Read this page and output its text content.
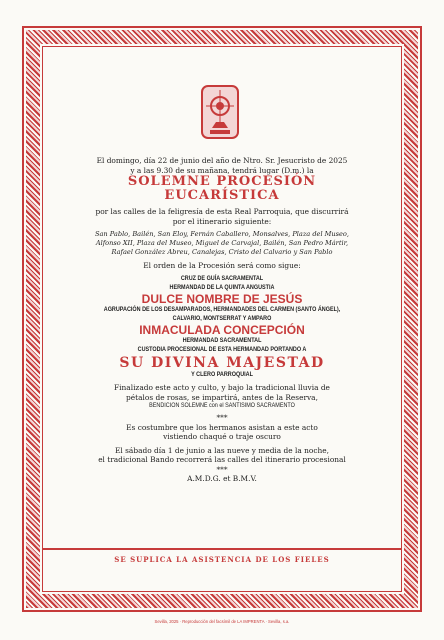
El domingo, día 22 de junio del año de Ntro. Sr. Jesucristo de 2025

y a las 9.30 de su mañana, tendrá lugar (D.m.) la

SOLEMNE PROCESIÓN

EUCARÍSTICA

por las calles de la feligresía de esta Real Parroquia, que discurrirá

por el itinerario siguiente:

San Pablo, Bailén, San Eloy, Fernán Caballero, Monsalves, Plaza del Museo,

Alfonso XII, Plaza del Museo, Miguel de Carvajal, Bailén, San Pedro Mártir,

Rafael González Abreu, Canalejas, Cristo del Calvario y San Pablo

El orden de la Procesión será como sigue:

CRUZ DE GUÍA SACRAMENTAL

HERMANDAD DE LA QUINTA ANGUSTIA

DULCE NOMBRE DE JESÚS

AGRUPACIÓN DE LOS DESAMPARADOS, HERMANDADES DEL CARMEN (SANTO ÁNGEL),

CALVARIO, MONTSERRAT Y AMPARO

INMACULADA CONCEPCIÓN

HERMANDAD SACRAMENTAL

CUSTODIA PROCESIONAL DE ESTA HERMANDAD PORTANDO A

SU DIVINA MAJESTAD

Y CLERO PARROQUIAL

Finalizado este acto y culto, y bajo la tradicional lluvia de

pétalos de rosas, se impartirá, antes de la Reserva,

BENDICIÓN SOLEMNE con el SANTÍSIMO SACRAMENTO

***

Es costumbre que los hermanos asistan a este acto

vistiendo chaqué o traje oscuro

El sábado día 1 de junio a las nueve y media de la noche,

el tradicional Bando recorrerá las calles del itinerario procesional

***

A.M.D.G. et B.M.V.

SE SUPLICA LA ASISTENCIA DE LOS FIELES
Sevilla, 2025 · Reproducción del facsímil de LA IMPRENTA · Sevilla, s.a.
